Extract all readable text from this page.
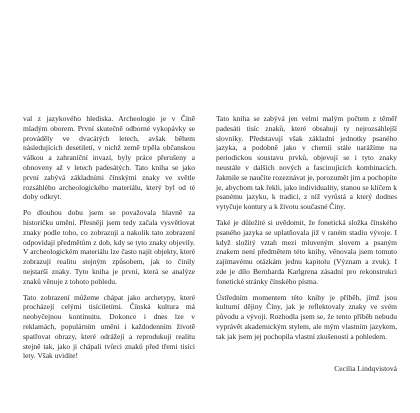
val z jazykového hlediska. Archeologie je v Číně mladým oborem. První skutečně odborné vykopávky se prováděly ve dvacátých letech, avšak během následujících desetiletí, v nichž země trpěla občanskou válkou a zahraniční invazí, byly práce přerušeny a obnoveny až v letech padesátých. Tato kniha se jako první zabývá základními čínskými znaky ve světle rozsáhlého archeologického materiálu, který byl od té doby odkryt.

Po dlouhou dobu jsem se považovala hlavně za historičku umění. Přesněji jsem tedy začala vysvětlovat znaky podle toho, co zobrazují a nakolik tato zobrazení odpovídají předmětům z dob, kdy se tyto znaky objevily. V archeologickém materiálu lze často najít objekty, které zobrazují realitu stejným způsobem, jak to činily nejstarší znaky. Tyto kniha je první, která se analýze znaků věnuje z tohoto pohledu.

Tato zobrazení můžeme chápat jako archetypy, které procházejí celými tisíciletími. Čínská kultura má neobyčejnou kontinuitu. Dokonce i dnes lze v reklamách, populárním umění i každodenním životě spatřovat obrazy, které odrážejí a reprodukují realitu stejně tak, jako ji chápali tvůrci znaků před třemi tisíci lety. Však uvidíte!

Tato kniha se zabývá jen velmi malým počtem z těměř padesáti tisíc znaků, které obsahují ty nejrozsáhlejší slovníky. Představují však základní jednotky psaného jazyka, a podobně jako v chemii stále narážíme na periodickou soustavu prvků, objevují se i tyto znaky neustále v dalších nových a fascinujících kombinacích. Jakmile se naučíte rozeznávat je, porozumět jim a pochopíte je, abychom tak řekli, jako individuality, stanou se klíčem k psanému jazyku, k tradici, z níž vyrůstá a který dodnes vytyčuje kontury a k životu současné Číny.

Také je důležité si uvědomit, že fonetická složka čínského psaného jazyka se uplatňovala již v raném stadiu vývoje. I když složitý vztah mezi mluveným slovem a psaným znakem není předmětem této knihy, věnovala jsem tomuto zajímavému otázkám jednu kapitolu (Význam a zvuk). I zde je dílo Bernharda Karlgrena zásadní pro rekonstrukci fonetické stránky čínského písma.

Ústředním momentem této knihy je příběh, jímž jsou kulturní dějiny Číny, jak je reflektovaly znaky ve svém původu a vývoji. Rozhodla jsem se, že tento příběh nebudu vyprávět akademickým stylem, ale mým vlastním jazykem, tak jak jsem jej pochopila vlastní zkušeností a pohledem.

Cecilia Lindqvistová
